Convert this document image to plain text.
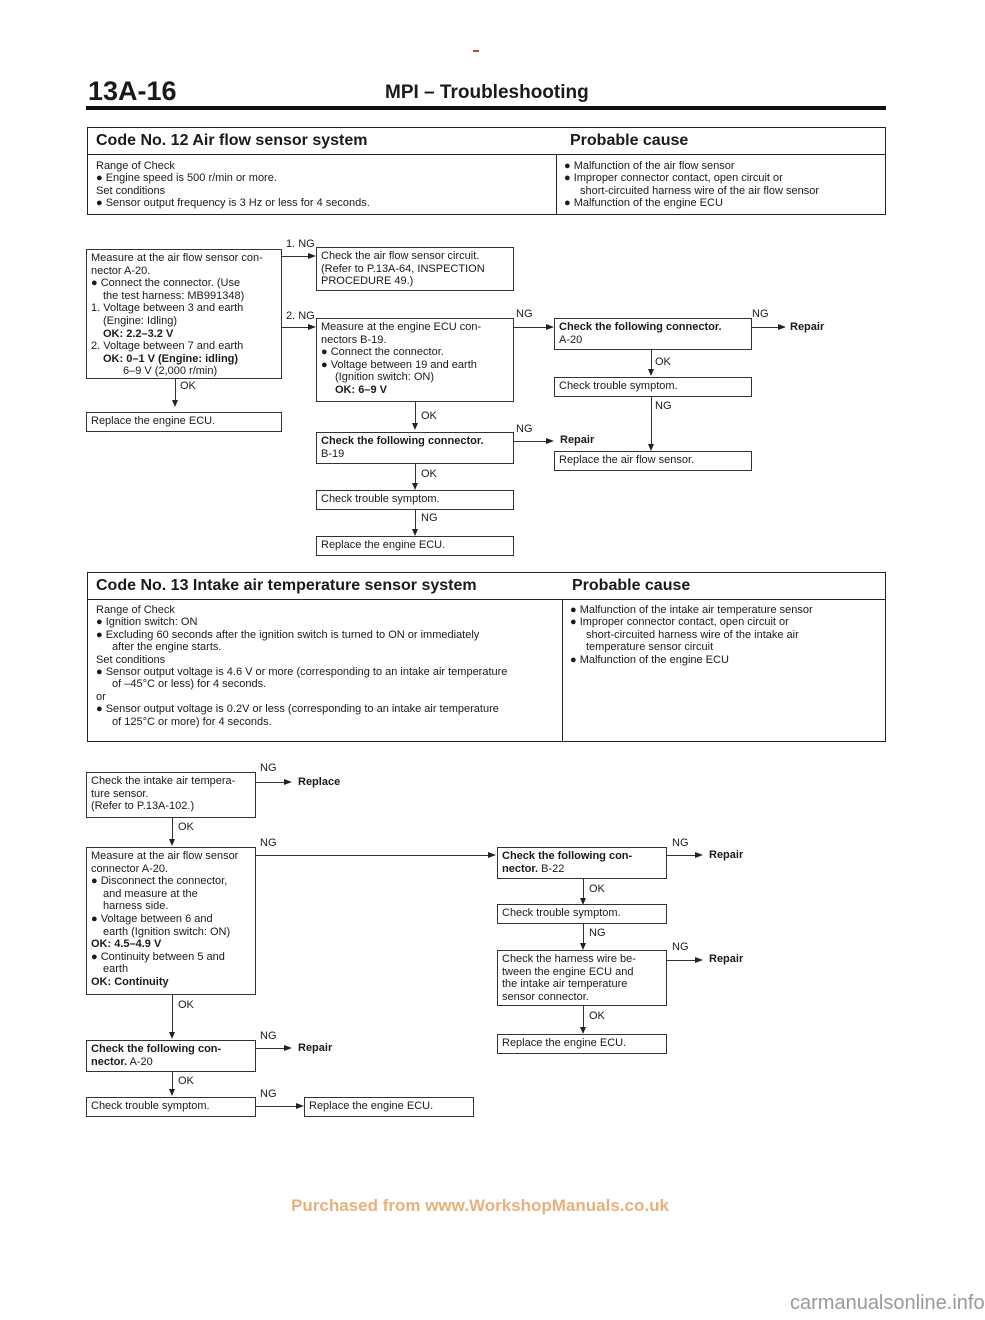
13A-16	MPI – Troubleshooting
Code No. 12 Air flow sensor system	Probable cause
Range of Check
● Engine speed is 500 r/min or more.
Set conditions
● Sensor output frequency is 3 Hz or less for 4 seconds.
● Malfunction of the air flow sensor
● Improper connector contact, open circuit or
short-circuited harness wire of the air flow sensor
● Malfunction of the engine ECU
Measure at the air flow sensor con-
nector A-20.
● Connect the connector. (Use
the test harness: MB991348)
1. Voltage between 3 and earth
(Engine: Idling)
OK: 2.2–3.2 V
2. Voltage between 7 and earth
OK: 0–1 V (Engine: idling)
6–9 V (2,000 r/min)
OK
Replace the engine ECU.
1. NG
Check the air flow sensor circuit.
(Refer to P.13A-64, INSPECTION
PROCEDURE 49.)
2. NG
Measure at the engine ECU con-
nectors B-19.
● Connect the connector.
● Voltage between 19 and earth
(Ignition switch: ON)
OK: 6–9 V
OK
Check the following connector.
B-19
OK
Check trouble symptom.
NG
Replace the engine ECU.
NG
Check the following connector.
A-20
NG
Repair
OK
Check trouble symptom.
NG
NG
Repair
Replace the air flow sensor.
Code No. 13 Intake air temperature sensor system	Probable cause
Range of Check
● Ignition switch: ON
● Excluding 60 seconds after the ignition switch is turned to ON or immediately
after the engine starts.
Set conditions
● Sensor output voltage is 4.6 V or more (corresponding to an intake air temperature
of –45°C or less) for 4 seconds.
or
● Sensor output voltage is 0.2V or less (corresponding to an intake air temperature
of 125°C or more) for 4 seconds.
● Malfunction of the intake air temperature sensor
● Improper connector contact, open circuit or
short-circuited harness wire of the intake air
temperature sensor circuit
● Malfunction of the engine ECU
Check the intake air tempera-
ture sensor.
(Refer to P.13A-102.)
NG
Replace
OK
Measure at the air flow sensor
connector A-20.
● Disconnect the connector,
and measure at the
harness side.
● Voltage between 6 and
earth (Ignition switch: ON)
OK: 4.5–4.9 V
● Continuity between 5 and
earth
OK: Continuity
NG
OK
Check the following con-
nector. A-20
NG
Repair
OK
Check trouble symptom.
NG
Replace the engine ECU.
Check the following con-
nector. B-22
NG
Repair
OK
Check trouble symptom.
NG
Check the harness wire be-
tween the engine ECU and
the intake air temperature
sensor connector.
NG
Repair
OK
Replace the engine ECU.
Purchased from www.WorkshopManuals.co.uk
carmanualsonline.info
